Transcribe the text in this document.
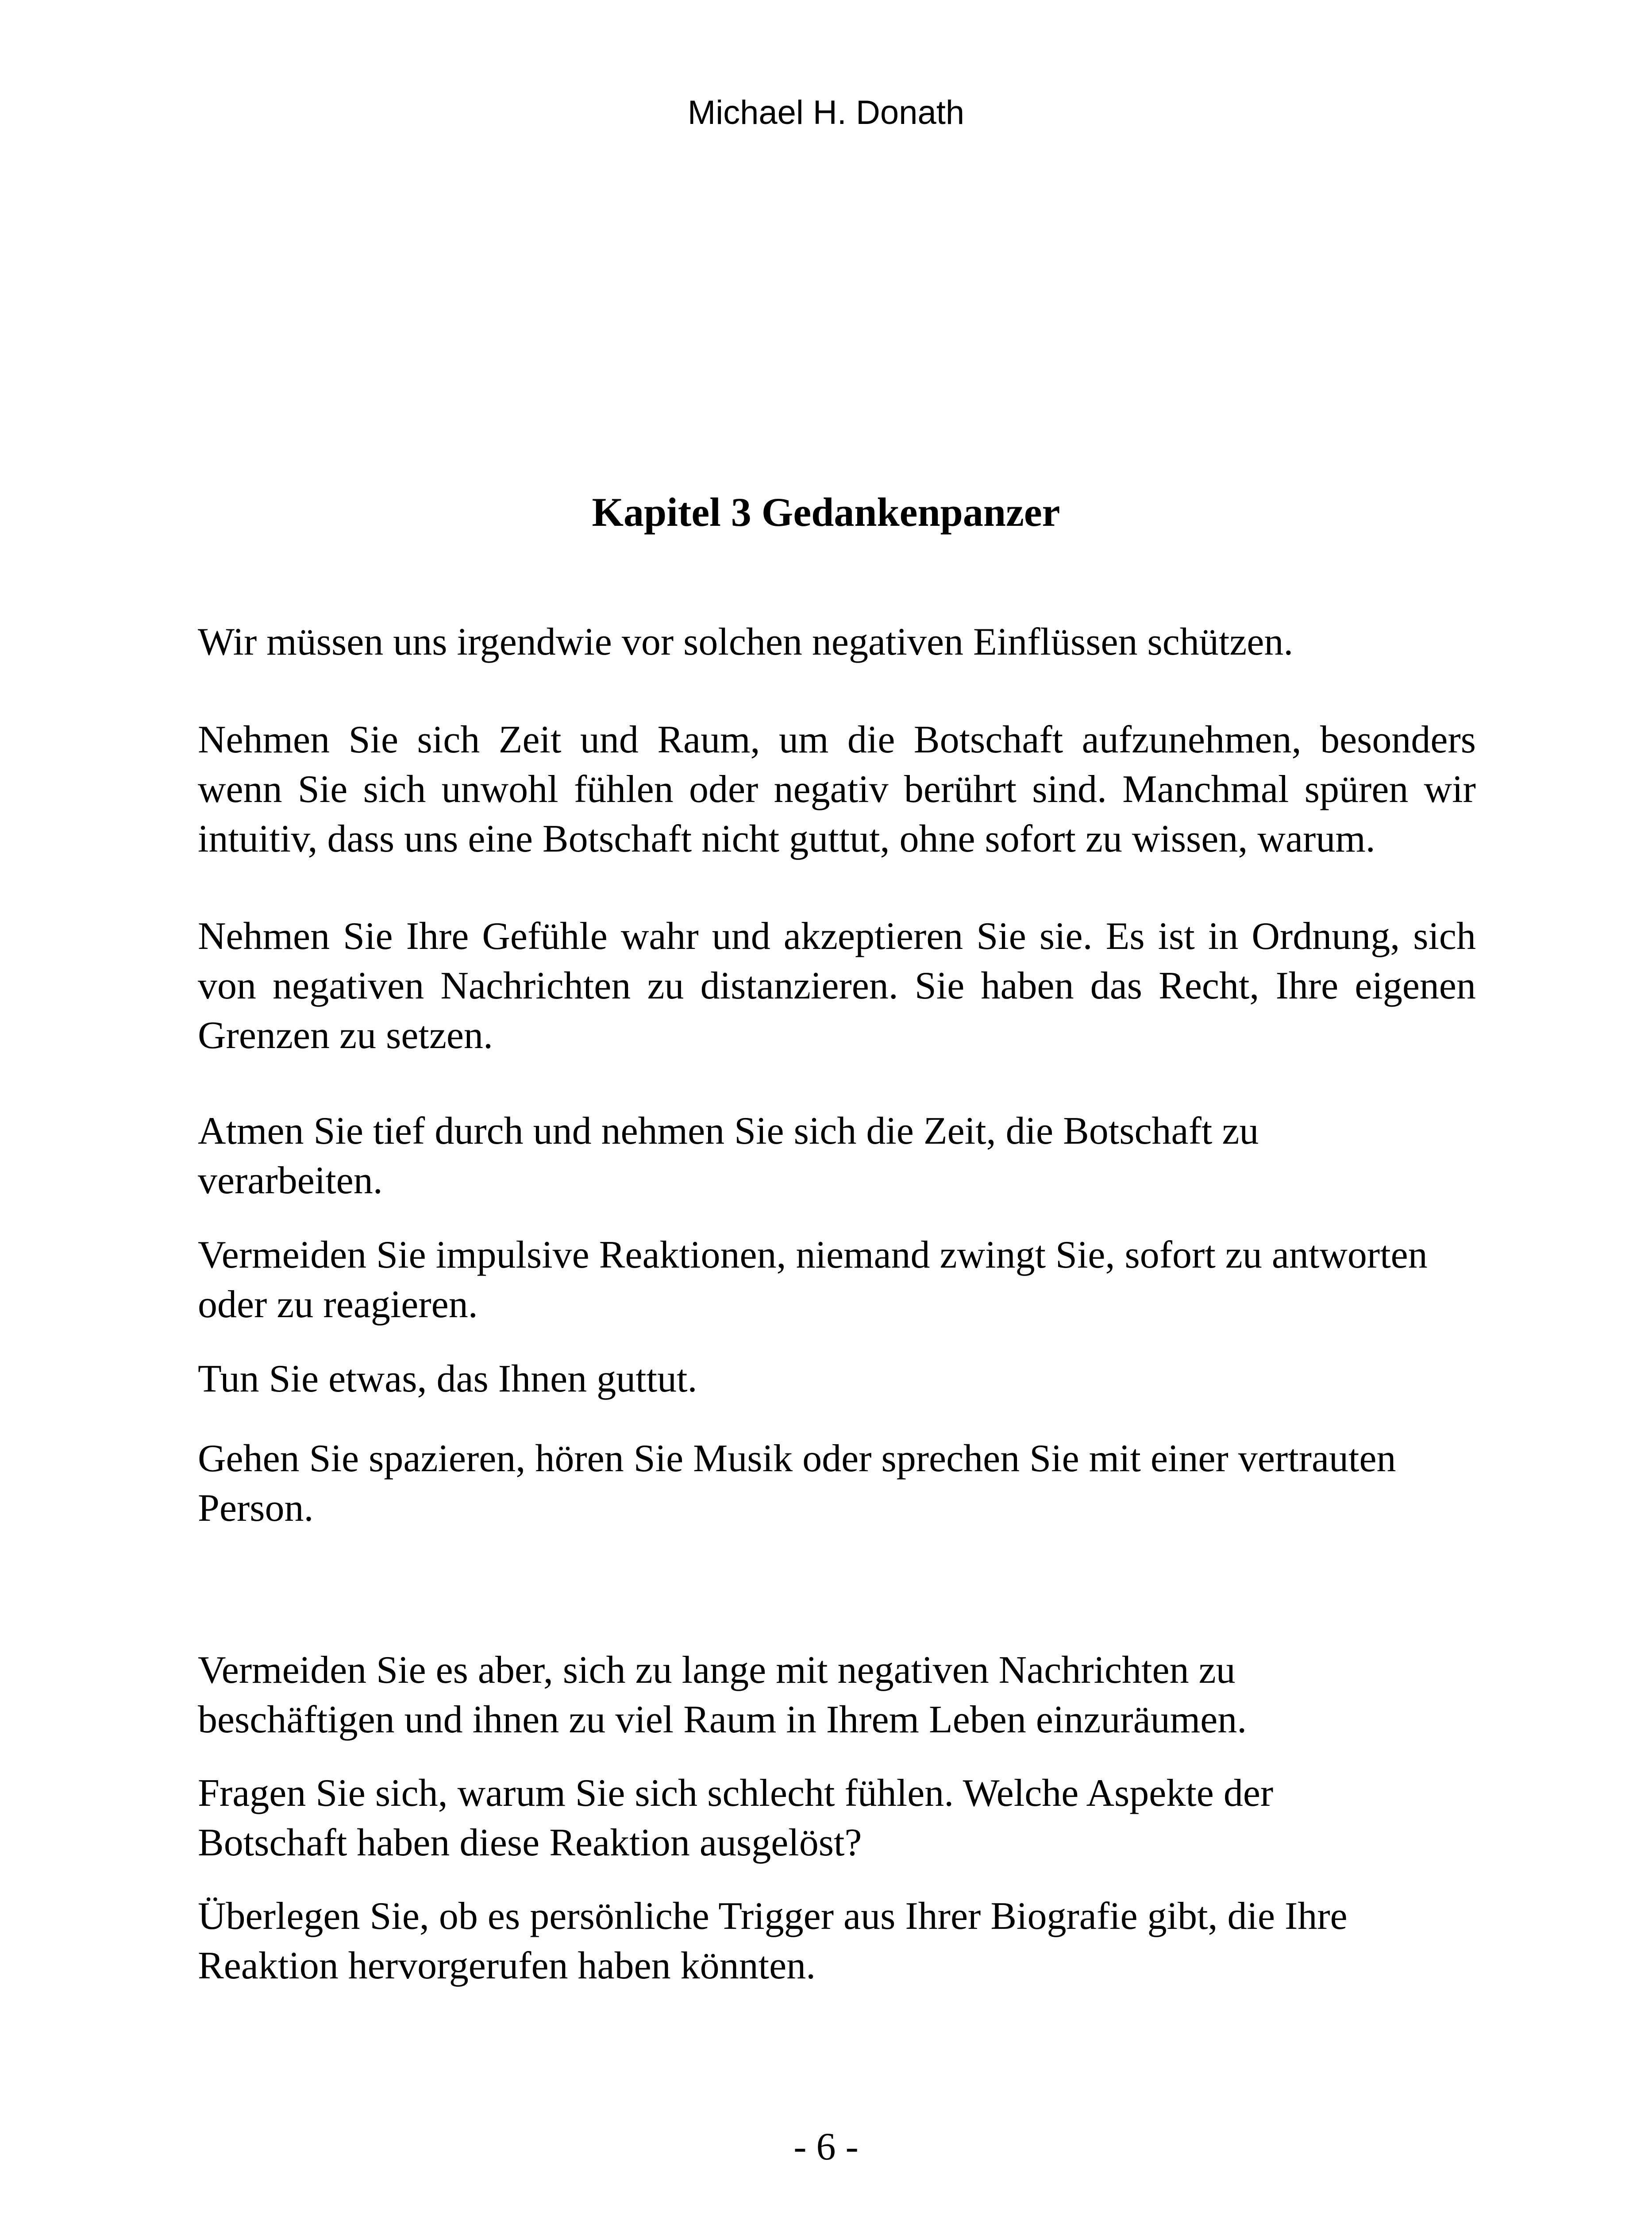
Michael H. Donath
Kapitel 3 Gedankenpanzer

Wir müssen uns irgendwie vor solchen negativen Einflüssen schützen.

Nehmen Sie sich Zeit und Raum, um die Botschaft aufzunehmen, besonders wenn Sie sich unwohl fühlen oder negativ berührt sind. Manchmal spüren wir intuitiv, dass uns eine Botschaft nicht guttut, ohne sofort zu wissen, warum.

Nehmen Sie Ihre Gefühle wahr und akzeptieren Sie sie. Es ist in Ordnung, sich von negativen Nachrichten zu distanzieren. Sie haben das Recht, Ihre eigenen Grenzen zu setzen.

Atmen Sie tief durch und nehmen Sie sich die Zeit, die Botschaft zu verarbeiten.

Vermeiden Sie impulsive Reaktionen, niemand zwingt Sie, sofort zu antworten oder zu reagieren.

Tun Sie etwas, das Ihnen guttut.

Gehen Sie spazieren, hören Sie Musik oder sprechen Sie mit einer vertrauten Person.

Vermeiden Sie es aber, sich zu lange mit negativen Nachrichten zu beschäftigen und ihnen zu viel Raum in Ihrem Leben einzuräumen.

Fragen Sie sich, warum Sie sich schlecht fühlen. Welche Aspekte der Botschaft haben diese Reaktion ausgelöst?

Überlegen Sie, ob es persönliche Trigger aus Ihrer Biografie gibt, die Ihre Reaktion hervorgerufen haben könnten.

- 6 -
